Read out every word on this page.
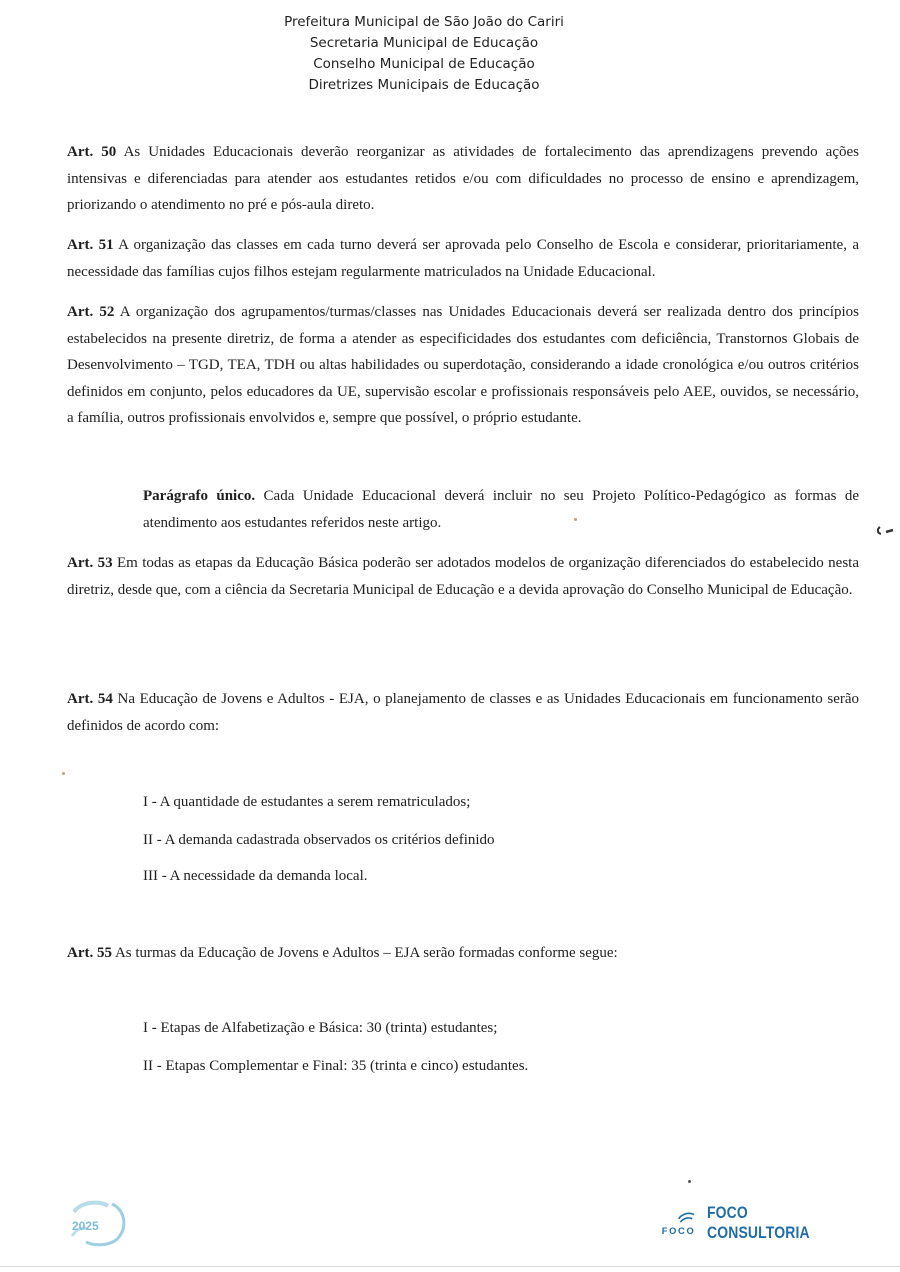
Prefeitura Municipal de São João do Cariri
Secretaria Municipal de Educação
Conselho Municipal de Educação
Diretrizes Municipais de Educação

Art. 50 As Unidades Educacionais deverão reorganizar as atividades de fortalecimento das aprendizagens prevendo ações intensivas e diferenciadas para atender aos estudantes retidos e/ou com dificuldades no processo de ensino e aprendizagem, priorizando o atendimento no pré e pós-aula direto.

Art. 51 A organização das classes em cada turno deverá ser aprovada pelo Conselho de Escola e considerar, prioritariamente, a necessidade das famílias cujos filhos estejam regularmente matriculados na Unidade Educacional.

Art. 52 A organização dos agrupamentos/turmas/classes nas Unidades Educacionais deverá ser realizada dentro dos princípios estabelecidos na presente diretriz, de forma a atender as especificidades dos estudantes com deficiência, Transtornos Globais de Desenvolvimento – TGD, TEA, TDH ou altas habilidades ou superdotação, considerando a idade cronológica e/ou outros critérios definidos em conjunto, pelos educadores da UE, supervisão escolar e profissionais responsáveis pelo AEE, ouvidos, se necessário, a família, outros profissionais envolvidos e, sempre que possível, o próprio estudante.

Parágrafo único. Cada Unidade Educacional deverá incluir no seu Projeto Político-Pedagógico as formas de atendimento aos estudantes referidos neste artigo.

Art. 53 Em todas as etapas da Educação Básica poderão ser adotados modelos de organização diferenciados do estabelecido nesta diretriz, desde que, com a ciência da Secretaria Municipal de Educação e a devida aprovação do Conselho Municipal de Educação.

Art. 54 Na Educação de Jovens e Adultos - EJA, o planejamento de classes e as Unidades Educacionais em funcionamento serão definidos de acordo com:

I - A quantidade de estudantes a serem rematriculados;

II - A demanda cadastrada observados os critérios definido

III - A necessidade da demanda local.

Art. 55 As turmas da Educação de Jovens e Adultos – EJA serão formadas conforme segue:

I - Etapas de Alfabetização e Básica: 30 (trinta) estudantes;

II - Etapas Complementar e Final: 35 (trinta e cinco) estudantes.

2025	FOCO
FOCO CONSULTORIA
